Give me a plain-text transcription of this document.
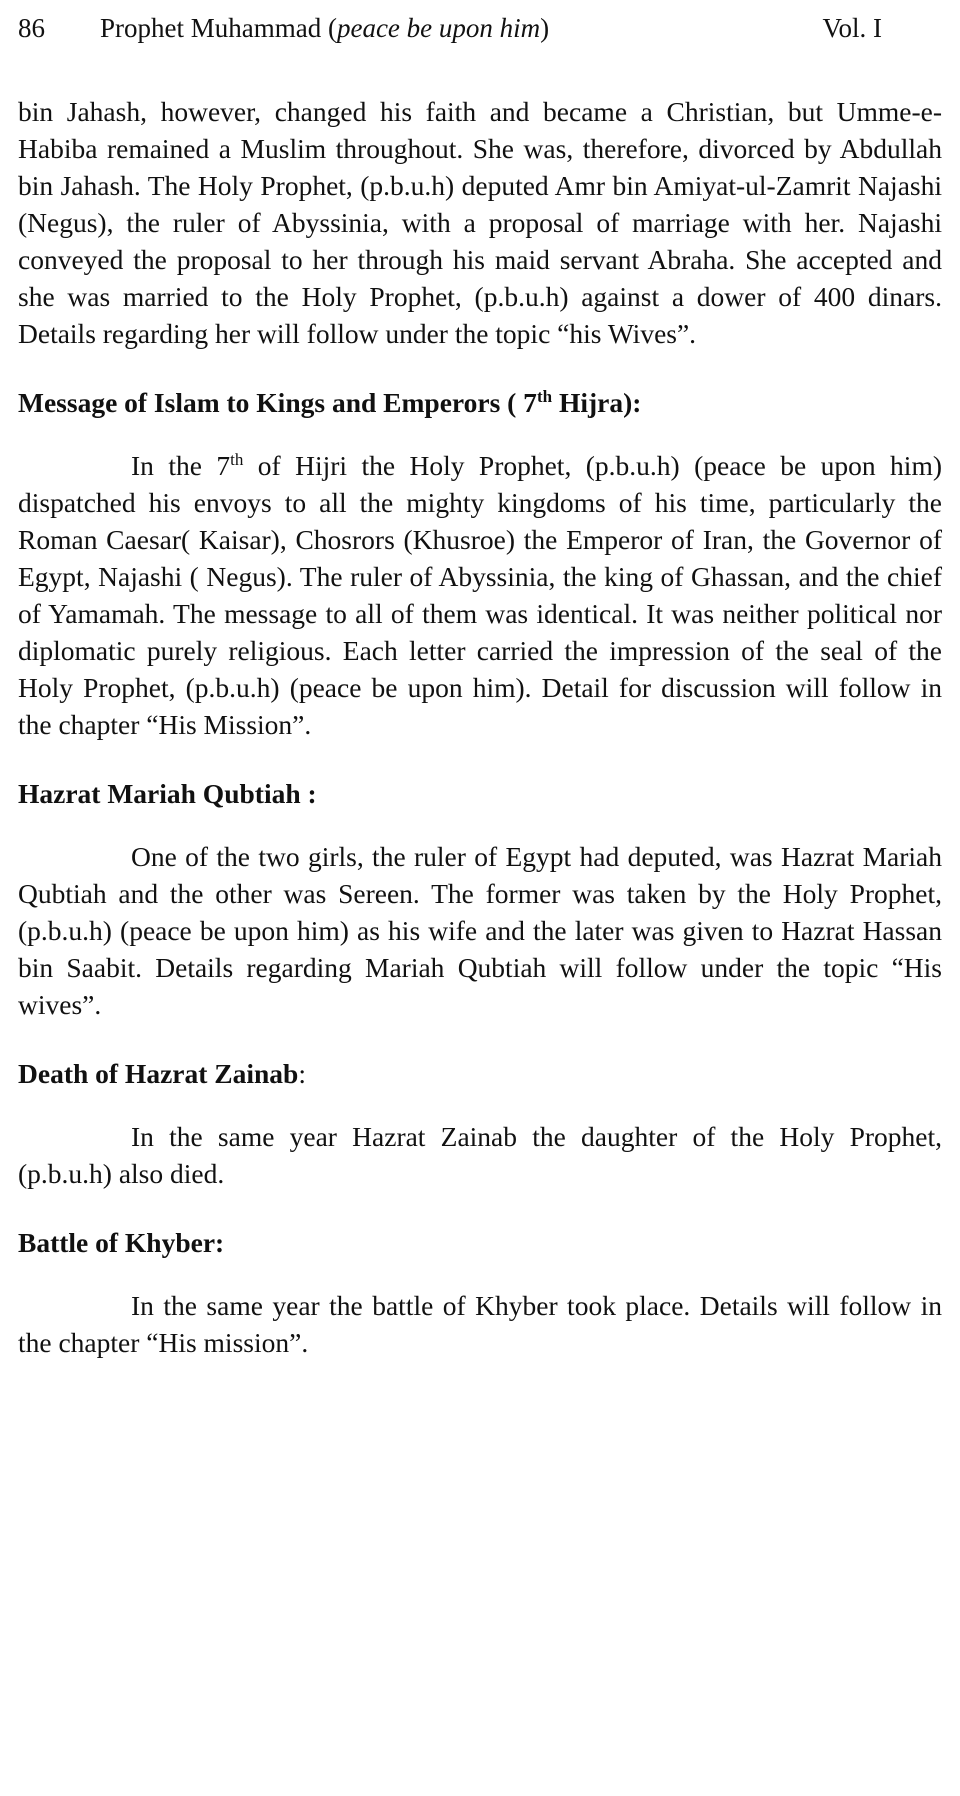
86 Prophet Muhammad (peace be upon him)	Vol. I

bin Jahash, however, changed his faith and became a Christian, but Umme-e-Habiba remained a Muslim throughout. She was, therefore, divorced by Abdullah bin Jahash. The Holy Prophet, (p.b.u.h) deputed Amr bin Amiyat-ul-Zamrit Najashi (Negus), the ruler of Abyssinia, with a proposal of marriage with her. Najashi conveyed the proposal to her through his maid servant Abraha. She accepted and she was married to the Holy Prophet, (p.b.u.h) against a dower of 400 dinars. Details regarding her will follow under the topic “his Wives”.

Message of Islam to Kings and Emperors ( 7th Hijra):

In the 7th of Hijri the Holy Prophet, (p.b.u.h) (peace be upon him) dispatched his envoys to all the mighty kingdoms of his time, particularly the Roman Caesar( Kaisar), Chosrors (Khusroe) the Emperor of Iran, the Governor of Egypt, Najashi ( Negus). The ruler of Abyssinia, the king of Ghassan, and the chief of Yamamah. The message to all of them was identical. It was neither political nor diplomatic purely religious. Each letter carried the impression of the seal of the Holy Prophet, (p.b.u.h) (peace be upon him). Detail for discussion will follow in the chapter “His Mission”.

Hazrat Mariah Qubtiah :

One of the two girls, the ruler of Egypt had deputed, was Hazrat Mariah Qubtiah and the other was Sereen. The former was taken by the Holy Prophet, (p.b.u.h) (peace be upon him) as his wife and the later was given to Hazrat Hassan bin Saabit. Details regarding Mariah Qubtiah will follow under the topic “His wives”.

Death of Hazrat Zainab:

In the same year Hazrat Zainab the daughter of the Holy Prophet, (p.b.u.h) also died.

Battle of Khyber:

In the same year the battle of Khyber took place. Details will follow in the chapter “His mission”.
